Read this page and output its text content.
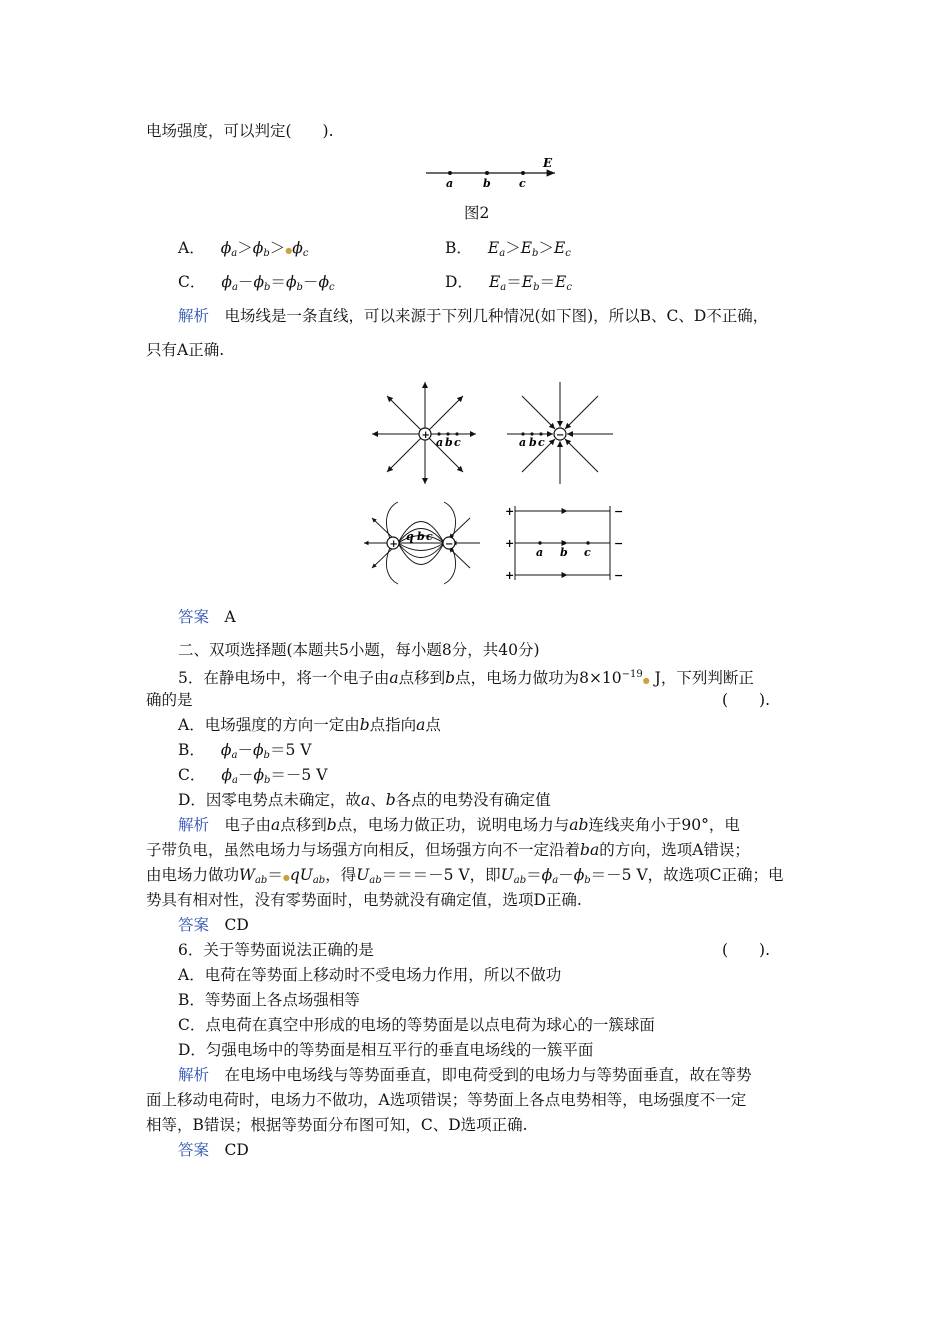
电场强度，可以判定(　　).
E
a	b	c
图2
A． $\phi_a>\phi_b>●\phi_c$	B． $E_a>E_b>E_c$
C． $\phi_a-\phi_b=\phi_b-\phi_c$	D． $E_a=E_b=E_c$
解析　电场线是一条直线，可以来源于下列几种情况(如下图)，所以B、C、D不正确，
只有A正确.
+
a b c
−
a b c
+	−
q b c
+
+
+
−
−
−
a b c
答案　A
二、双项选择题(本题共5小题，每小题8分，共40分)
5．在静电场中，将一个电子由a点移到b点，电场力做功为$8\times 10^{-19}●$ J，下列判断正
确的是	(　　).
A．电场强度的方向一定由b点指向a点
B． $\phi_a-\phi_b=5$ V
C． $\phi_a-\phi_b=-5$ V
D．因零电势点未确定，故a、b各点的电势没有确定值
解析　电子由a点移到b点，电场力做正功，说明电场力与ab连线夹角小于90°，电
子带负电，虽然电场力与场强方向相反，但场强方向不一定沿着ba的方向，选项A错误；
由电场力做功$W_{ab}=●qU_{ab}$，得$U_{ab}===-5$ V，即$U_{ab}=\phi_a-\phi_b=-5$ V，故选项C正确；电
势具有相对性，没有零势面时，电势就没有确定值，选项D正确.
答案　CD
6．关于等势面说法正确的是	(　　).
A．电荷在等势面上移动时不受电场力作用，所以不做功
B．等势面上各点场强相等
C．点电荷在真空中形成的电场的等势面是以点电荷为球心的一簇球面
D．匀强电场中的等势面是相互平行的垂直电场线的一簇平面
解析　在电场中电场线与等势面垂直，即电荷受到的电场力与等势面垂直，故在等势
面上移动电荷时，电场力不做功，A选项错误；等势面上各点电势相等，电场强度不一定
相等，B错误；根据等势面分布图可知，C、D选项正确.
答案　CD
